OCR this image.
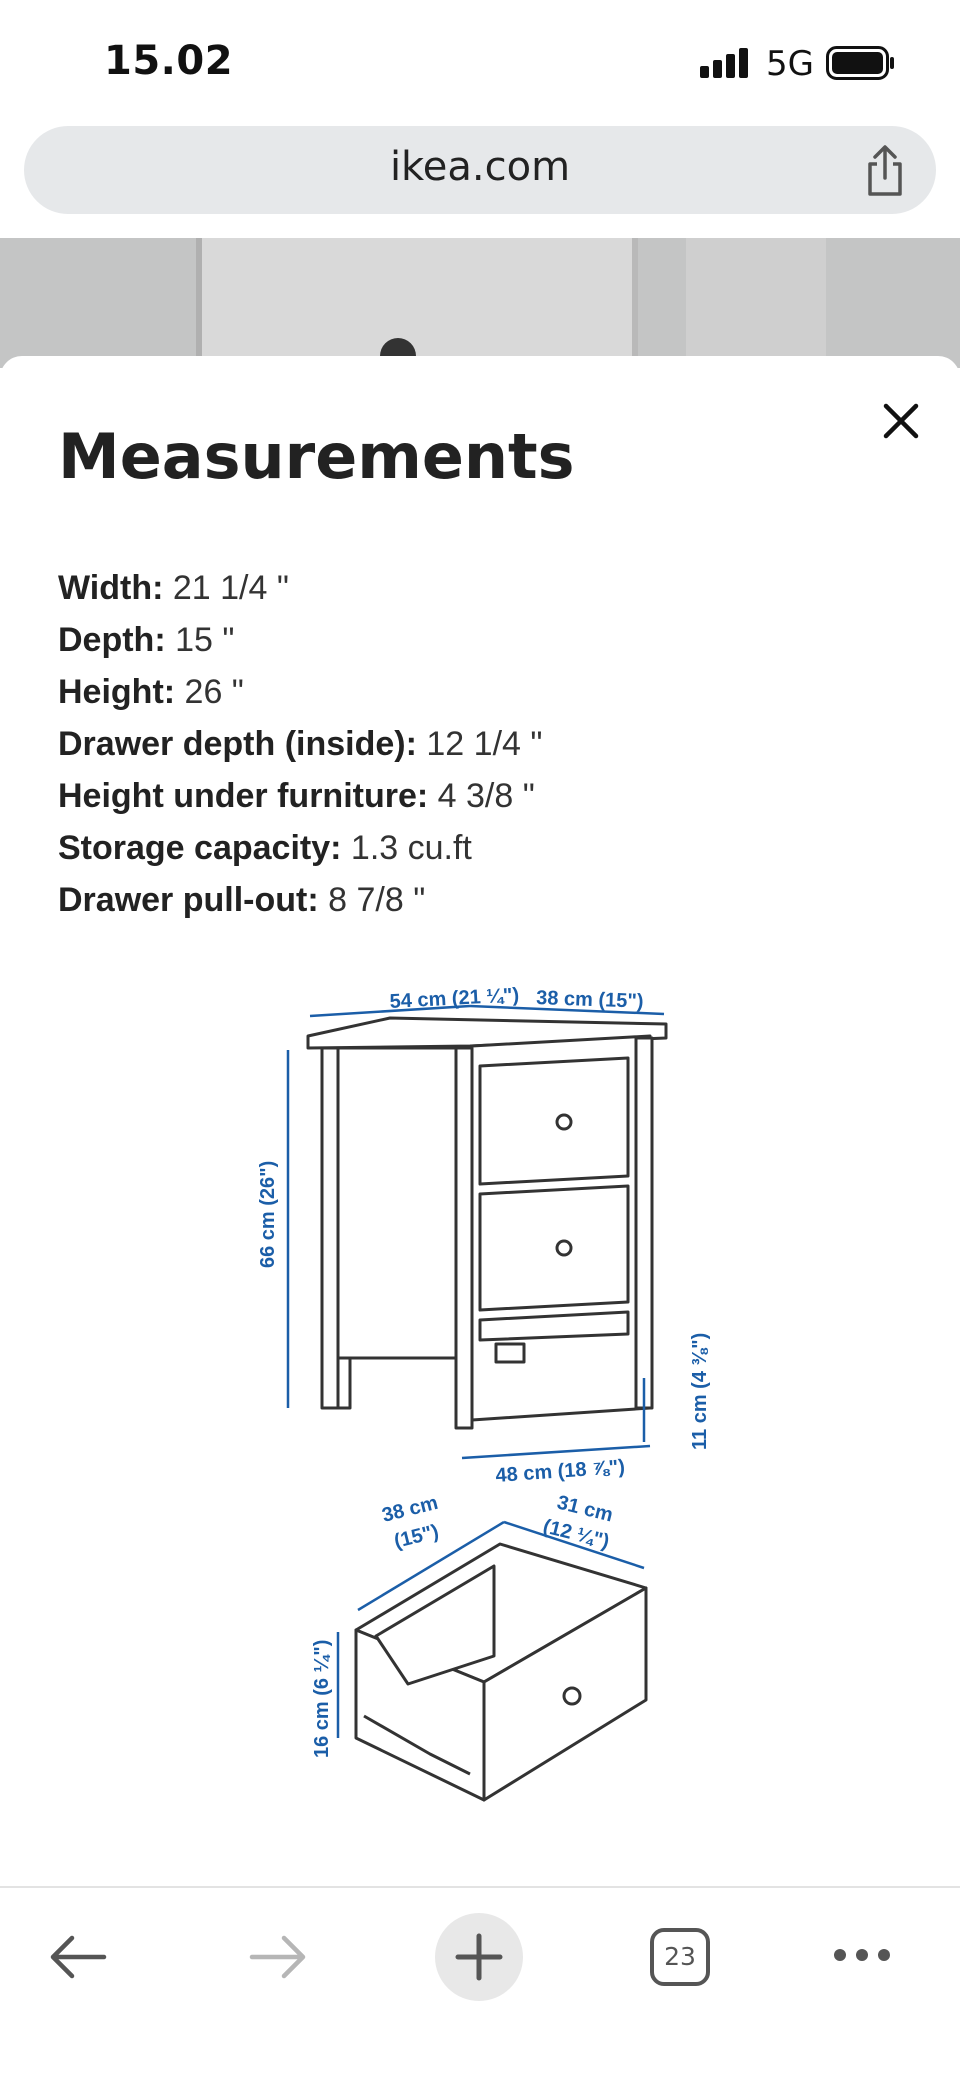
15.02	5G
ikea.com
Measurements
Width: 21 1/4 "
Depth: 15 "
Height: 26 "
Drawer depth (inside): 12 1/4 "
Height under furniture: 4 3/8 "
Storage capacity: 1.3 cu.ft
Drawer pull-out: 8 7/8 "
54 cm (21 ¼") 38 cm (15")
66 cm (26")
11 cm (4 ⅜")
48 cm (18 ⅞")
38 cm
(15")
31 cm
(12 ¼")
16 cm (6 ¼")
23
